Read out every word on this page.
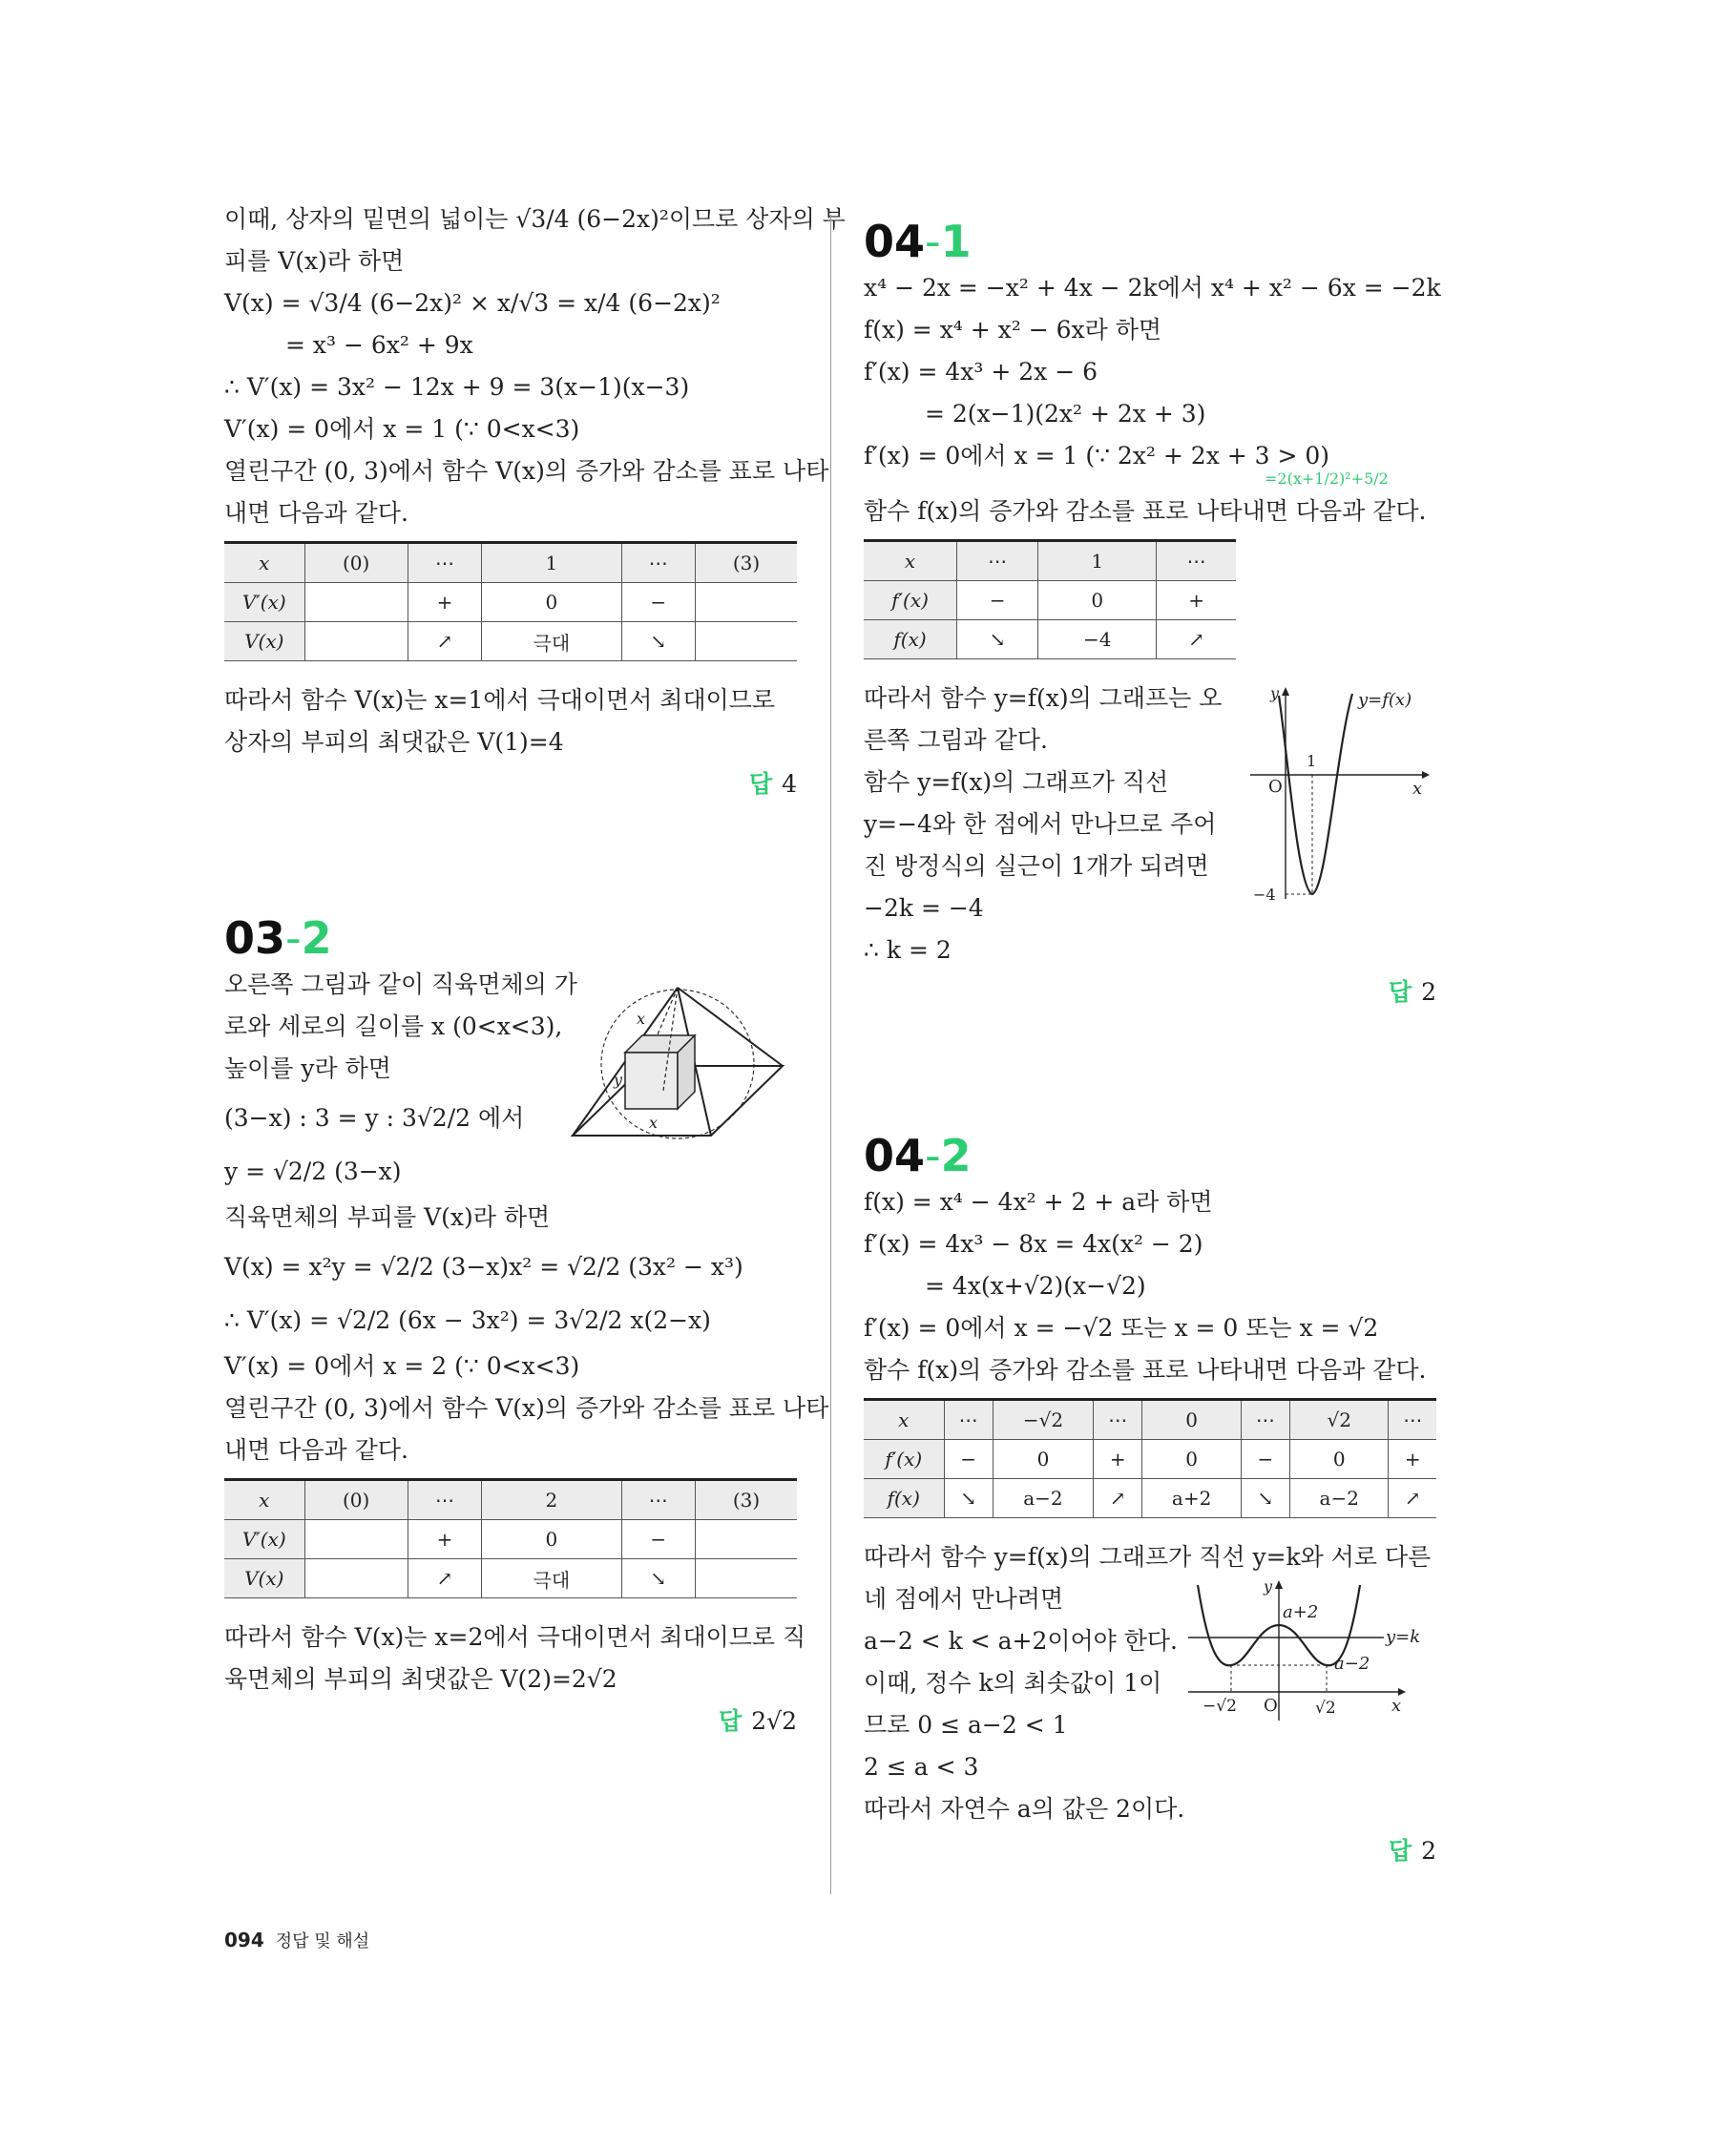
이때, 상자의 밑면의 넓이는 √3/4 (6−2x)²이므로 상자의 부
피를 V(x)라 하면
V(x) = √3/4 (6−2x)² × x/√3 = x/4 (6−2x)²
= x³ − 6x² + 9x
∴ V′(x) = 3x² − 12x + 9 = 3(x−1)(x−3)
V′(x) = 0에서 x = 1 (∵ 0<x<3)
열린구간 (0, 3)에서 함수 V(x)의 증가와 감소를 표로 나타
내면 다음과 같다.
x	(0)	⋯	1	⋯	(3)
V′(x)		+	0	−	
V(x)		↗	극대	↘	
따라서 함수 V(x)는 x=1에서 극대이면서 최대이므로
상자의 부피의 최댓값은 V(1)=4
답 4
03-2
x
y
x
오른쪽 그림과 같이 직육면체의 가
로와 세로의 길이를 x (0<x<3),
높이를 y라 하면
(3−x) : 3 = y : 3√2/2 에서
y = √2/2 (3−x)
직육면체의 부피를 V(x)라 하면
V(x) = x²y = √2/2 (3−x)x² = √2/2 (3x² − x³)
∴ V′(x) = √2/2 (6x − 3x²) = 3√2/2 x(2−x)
V′(x) = 0에서 x = 2 (∵ 0<x<3)
열린구간 (0, 3)에서 함수 V(x)의 증가와 감소를 표로 나타
내면 다음과 같다.
x	(0)	⋯	2	⋯	(3)
V′(x)		+	0	−	
V(x)		↗	극대	↘	
따라서 함수 V(x)는 x=2에서 극대이면서 최대이므로 직
육면체의 부피의 최댓값은 V(2)=2√2
답 2√2
04-1
x⁴ − 2x = −x² + 4x − 2k에서 x⁴ + x² − 6x = −2k
f(x) = x⁴ + x² − 6x라 하면
f′(x) = 4x³ + 2x − 6
= 2(x−1)(2x² + 2x + 3)
f′(x) = 0에서 x = 1 (∵ 2x² + 2x + 3 > 0)
=2(x+1/2)²+5/2
함수 f(x)의 증가와 감소를 표로 나타내면 다음과 같다.
x	⋯	1	⋯
f′(x)	−	0	+
f(x)	↘	−4	↗
y	y=f(x)
1
O	x
−4
따라서 함수 y=f(x)의 그래프는 오
른쪽 그림과 같다.
함수 y=f(x)의 그래프가 직선
y=−4와 한 점에서 만나므로 주어
진 방정식의 실근이 1개가 되려면
−2k = −4
∴ k = 2
답 2
04-2
f(x) = x⁴ − 4x² + 2 + a라 하면
f′(x) = 4x³ − 8x = 4x(x² − 2)
= 4x(x+√2)(x−√2)
f′(x) = 0에서 x = −√2 또는 x = 0 또는 x = √2
함수 f(x)의 증가와 감소를 표로 나타내면 다음과 같다.
x	⋯	−√2	⋯	0	⋯	√2	⋯
f′(x)	−	0	+	0	−	0	+
f(x)	↘	a−2	↗	a+2	↘	a−2	↗
따라서 함수 y=f(x)의 그래프가 직선 y=k와 서로 다른
y
a+2
y=k
a−2
−√2 O √2	x
네 점에서 만나려면
a−2 < k < a+2이어야 한다.
이때, 정수 k의 최솟값이 1이
므로 0 ≤ a−2 < 1
2 ≤ a < 3
따라서 자연수 a의 값은 2이다.
답 2
094 정답 및 해설
